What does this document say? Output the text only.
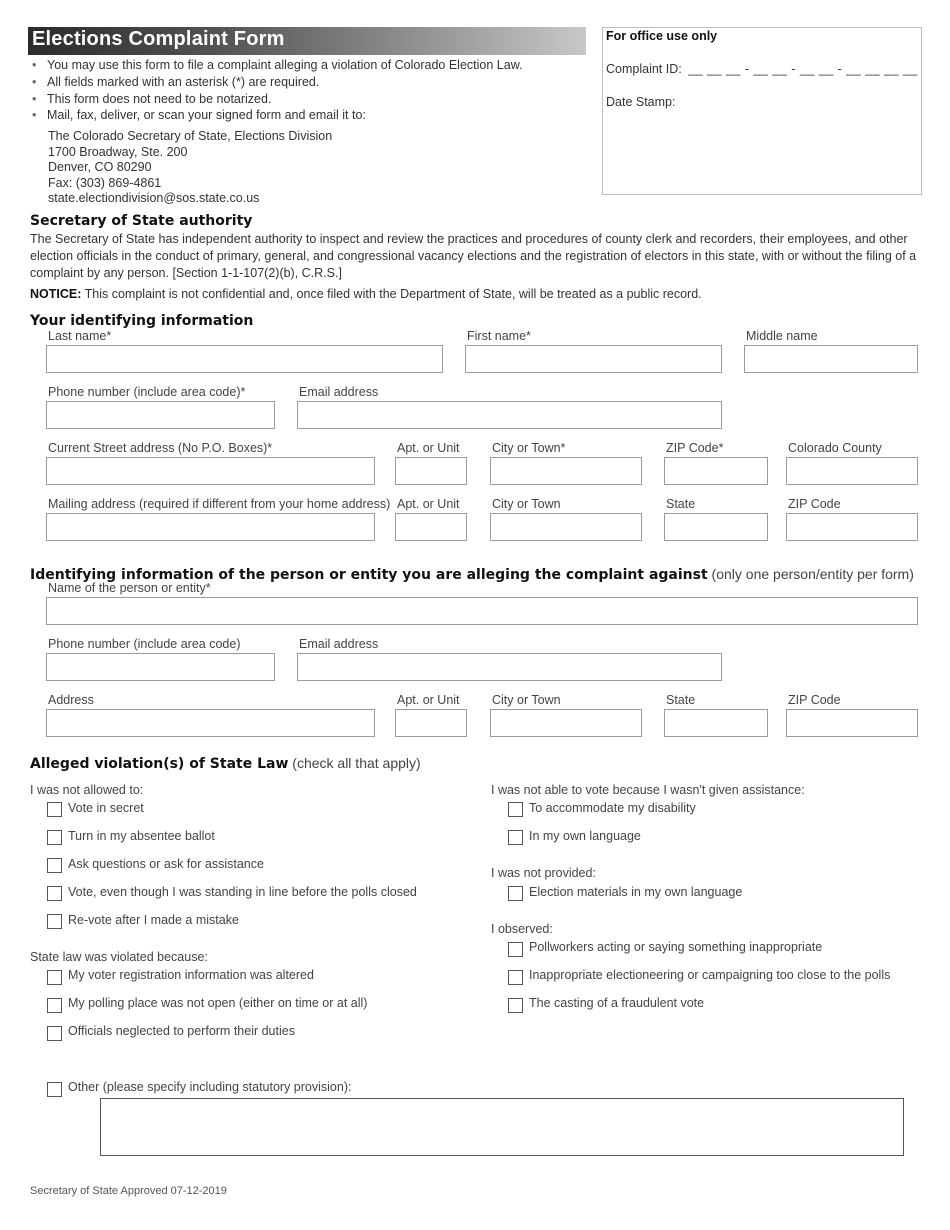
Elections Complaint Form
• You may use this form to file a complaint alleging a violation of Colorado Election Law.
• All fields marked with an asterisk (*) are required.
• This form does not need to be notarized.
• Mail, fax, deliver, or scan your signed form and email it to:
The Colorado Secretary of State, Elections Division
1700 Broadway, Ste. 200
Denver, CO 80290
Fax: (303) 869-4861
state.electiondivision@sos.state.co.us
For office use only
Complaint ID: __ __ __ - __ __ - __ __ - __ __ __ __
Date Stamp:
Secretary of State authority
The Secretary of State has independent authority to inspect and review the practices and procedures of county clerk and recorders, their employees, and other election officials in the conduct of primary, general, and congressional vacancy elections and the registration of electors in this state, with or without the filing of a complaint by any person. [Section 1-1-107(2)(b), C.R.S.]
NOTICE: This complaint is not confidential and, once filed with the Department of State, will be treated as a public record.
Your identifying information
Last name*	First name*	Middle name
Phone number (include area code)*	Email address
Current Street address (No P.O. Boxes)*	Apt. or Unit	City or Town*	ZIP Code*	Colorado County
Mailing address (required if different from your home address) Apt. or Unit	City or Town	State	ZIP Code
Identifying information of the person or entity you are alleging the complaint against (only one person/entity per form)
Name of the person or entity*
Phone number (include area code)	Email address
Address	Apt. or Unit	City or Town	State	ZIP Code
Alleged violation(s) of State Law (check all that apply)
I was not allowed to:
Vote in secret
Turn in my absentee ballot
Ask questions or ask for assistance
Vote, even though I was standing in line before the polls closed
Re-vote after I made a mistake
State law was violated because:
My voter registration information was altered
My polling place was not open (either on time or at all)
Officials neglected to perform their duties
I was not able to vote because I wasn't given assistance:
To accommodate my disability
In my own language
I was not provided:
Election materials in my own language
I observed:
Pollworkers acting or saying something inappropriate
Inappropriate electioneering or campaigning too close to the polls
The casting of a fraudulent vote
Other (please specify including statutory provision):
Secretary of State Approved 07-12-2019
